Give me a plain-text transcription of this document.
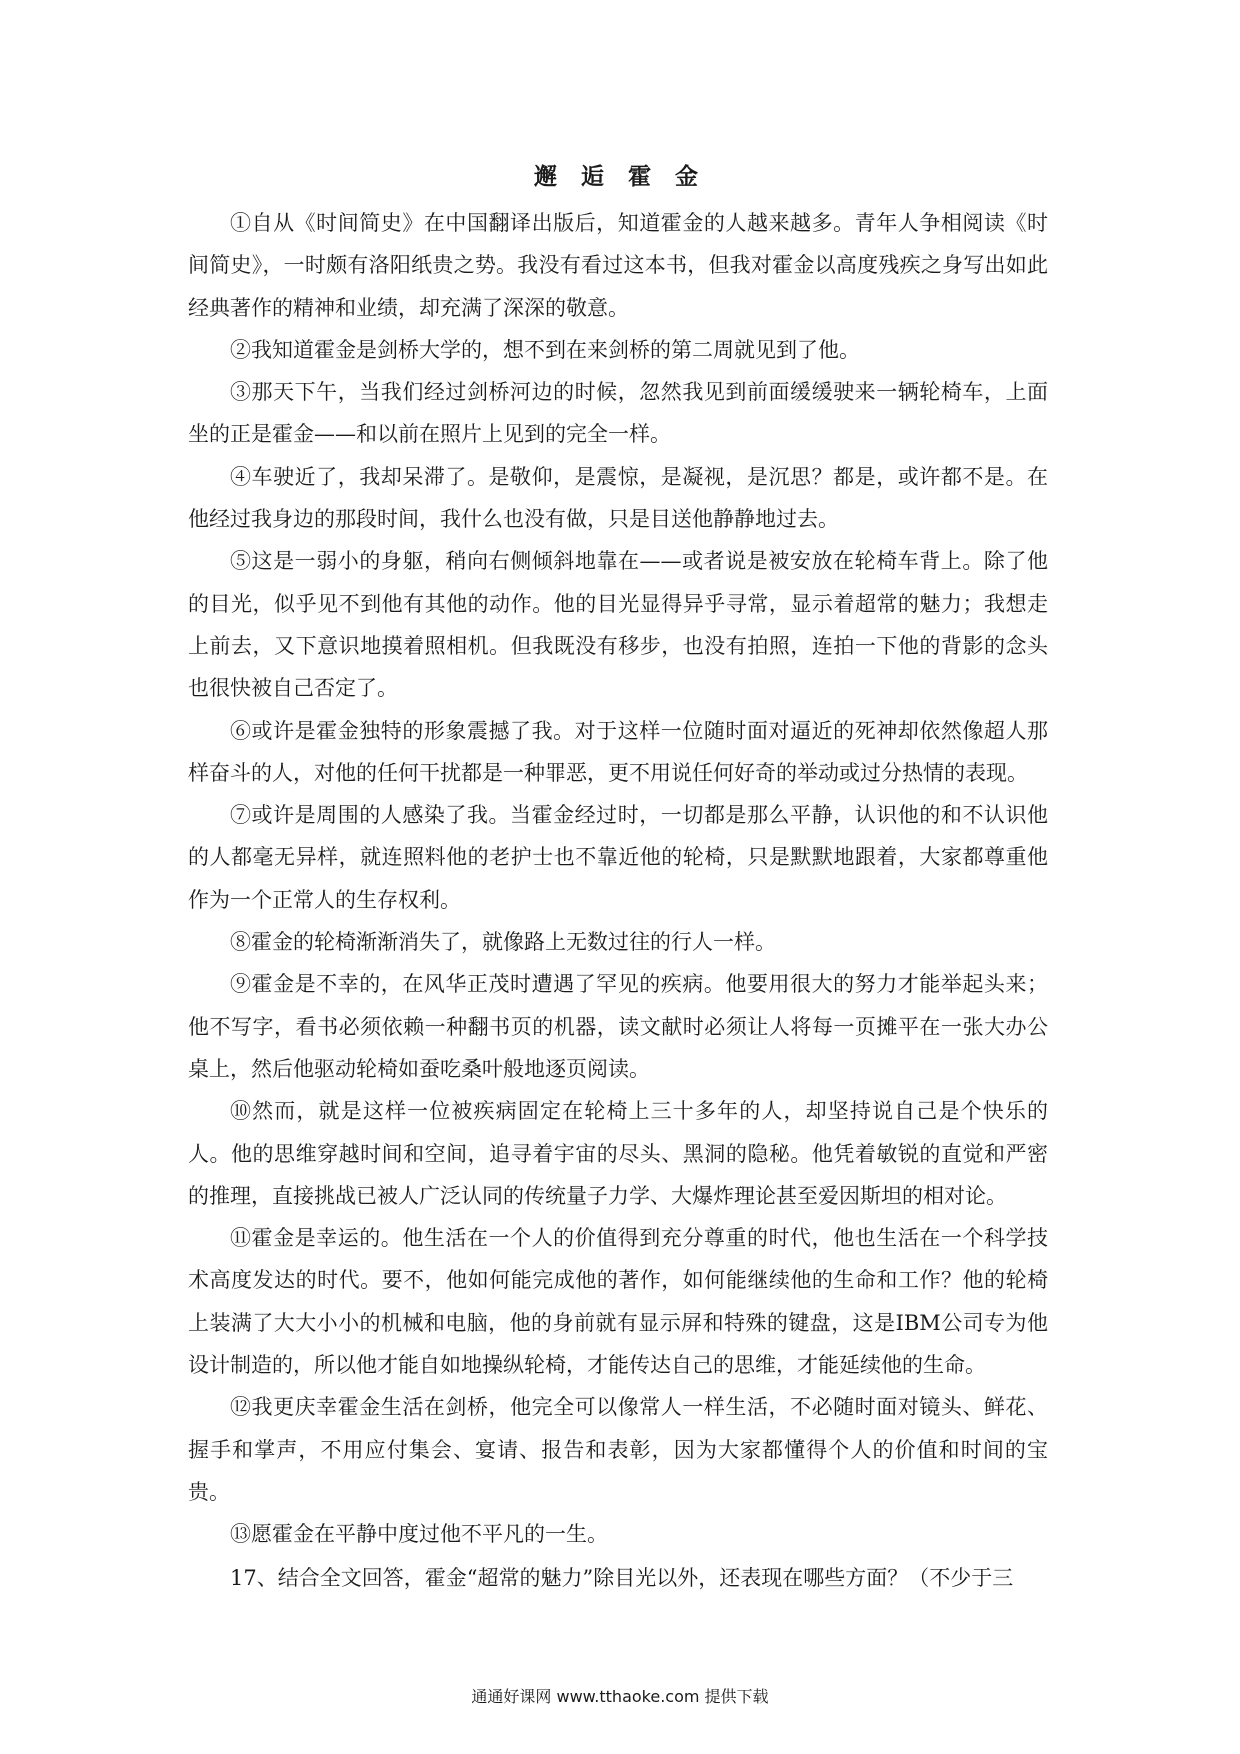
邂 逅 霍 金

①自从《时间简史》在中国翻译出版后，知道霍金的人越来越多。青年人争相阅读《时间简史》，一时颇有洛阳纸贵之势。我没有看过这本书，但我对霍金以高度残疾之身写出如此经典著作的精神和业绩，却充满了深深的敬意。

②我知道霍金是剑桥大学的，想不到在来剑桥的第二周就见到了他。

③那天下午，当我们经过剑桥河边的时候，忽然我见到前面缓缓驶来一辆轮椅车，上面坐的正是霍金——和以前在照片上见到的完全一样。

④车驶近了，我却呆滞了。是敬仰，是震惊，是凝视，是沉思？都是，或许都不是。在他经过我身边的那段时间，我什么也没有做，只是目送他静静地过去。

⑤这是一弱小的身躯，稍向右侧倾斜地靠在——或者说是被安放在轮椅车背上。除了他的目光，似乎见不到他有其他的动作。他的目光显得异乎寻常，显示着超常的魅力；我想走上前去，又下意识地摸着照相机。但我既没有移步，也没有拍照，连拍一下他的背影的念头也很快被自己否定了。

⑥或许是霍金独特的形象震撼了我。对于这样一位随时面对逼近的死神却依然像超人那样奋斗的人，对他的任何干扰都是一种罪恶，更不用说任何好奇的举动或过分热情的表现。

⑦或许是周围的人感染了我。当霍金经过时，一切都是那么平静，认识他的和不认识他的人都毫无异样，就连照料他的老护士也不靠近他的轮椅，只是默默地跟着，大家都尊重他作为一个正常人的生存权利。

⑧霍金的轮椅渐渐消失了，就像路上无数过往的行人一样。

⑨霍金是不幸的，在风华正茂时遭遇了罕见的疾病。他要用很大的努力才能举起头来；他不写字，看书必须依赖一种翻书页的机器，读文献时必须让人将每一页摊平在一张大办公桌上，然后他驱动轮椅如蚕吃桑叶般地逐页阅读。

⑩然而，就是这样一位被疾病固定在轮椅上三十多年的人，却坚持说自己是个快乐的人。他的思维穿越时间和空间，追寻着宇宙的尽头、黑洞的隐秘。他凭着敏锐的直觉和严密的推理，直接挑战已被人广泛认同的传统量子力学、大爆炸理论甚至爱因斯坦的相对论。

⑪霍金是幸运的。他生活在一个人的价值得到充分尊重的时代，他也生活在一个科学技术高度发达的时代。要不，他如何能完成他的著作，如何能继续他的生命和工作？他的轮椅上装满了大大小小的机械和电脑，他的身前就有显示屏和特殊的键盘，这是IBM公司专为他设计制造的，所以他才能自如地操纵轮椅，才能传达自己的思维，才能延续他的生命。

⑫我更庆幸霍金生活在剑桥，他完全可以像常人一样生活，不必随时面对镜头、鲜花、握手和掌声，不用应付集会、宴请、报告和表彰，因为大家都懂得个人的价值和时间的宝贵。

⑬愿霍金在平静中度过他不平凡的一生。

17、结合全文回答，霍金“超常的魅力”除目光以外，还表现在哪些方面？（不少于三

通通好课网 www.tthaoke.com 提供下载
